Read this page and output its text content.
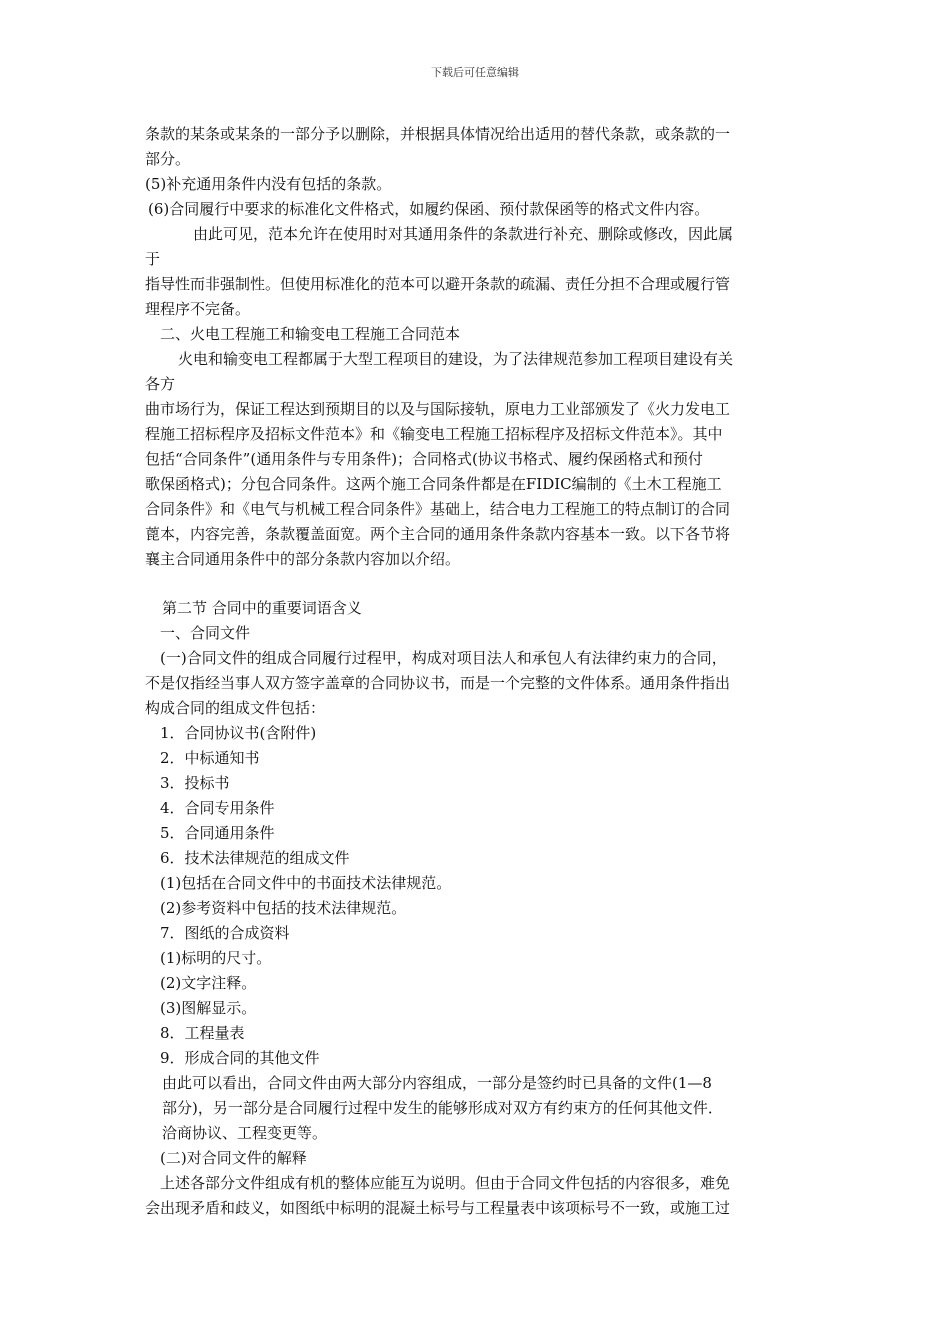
下载后可任意编辑
条款的某条或某条的一部分予以删除，并根据具体情况给出适用的替代条款，或条款的一
部分。
(5)补充通用条件内没有包括的条款。
(6)合同履行中要求的标准化文件格式，如履约保函、预付款保函等的格式文件内容。
由此可见，范本允许在使用时对其通用条件的条款进行补充、删除或修改，因此属
于
指导性而非强制性。但使用标准化的范本可以避开条款的疏漏、责任分担不合理或履行管
理程序不完备。
二、火电工程施工和输变电工程施工合同范本
火电和输变电工程都属于大型工程项目的建设，为了法律规范参加工程项目建设有关
各方
曲市场行为，保证工程达到预期目的以及与国际接轨，原电力工业部颁发了《火力发电工
程施工招标程序及招标文件范本》和《输变电工程施工招标程序及招标文件范本》。其中
包括“合同条件”(通用条件与专用条件)；合同格式(协议书格式、履约保函格式和预付
歌保函格式)；分包合同条件。这两个施工合同条件都是在FIDIC编制的《土木工程施工
合同条件》和《电气与机械工程合同条件》基础上，结合电力工程施工的特点制订的合同
蓖本，内容完善，条款覆盖面宽。两个主合同的通用条件条款内容基本一致。以下各节将
襄主合同通用条件中的部分条款内容加以介绍。
第二节 合同中的重要词语含义
一、合同文件
(一)合同文件的组成合同履行过程甲，构成对项目法人和承包人有法律约束力的合同，
不是仅指经当事人双方签字盖章的合同协议书，而是一个完整的文件体系。通用条件指出
构成合同的组成文件包括：
1．合同协议书(含附件)
2．中标通知书
3．投标书
4．合同专用条件
5．合同通用条件
6．技术法律规范的组成文件
(1)包括在合同文件中的书面技术法律规范。
(2)参考资料中包括的技术法律规范。
7．图纸的合成资料
(1)标明的尺寸。
(2)文字注释。
(3)图解显示。
8．工程量表
9．形成合同的其他文件
由此可以看出，合同文件由两大部分内容组成，一部分是签约时已具备的文件(1—8
部分)，另一部分是合同履行过程中发生的能够形成对双方有约束方的任何其他文件．
洽商协议、工程变更等。
(二)对合同文件的解释
上述各部分文件组成有机的整体应能互为说明。但由于合同文件包括的内容很多，难免
会出现矛盾和歧义，如图纸中标明的混凝土标号与工程量表中该项标号不一致，或施工过
